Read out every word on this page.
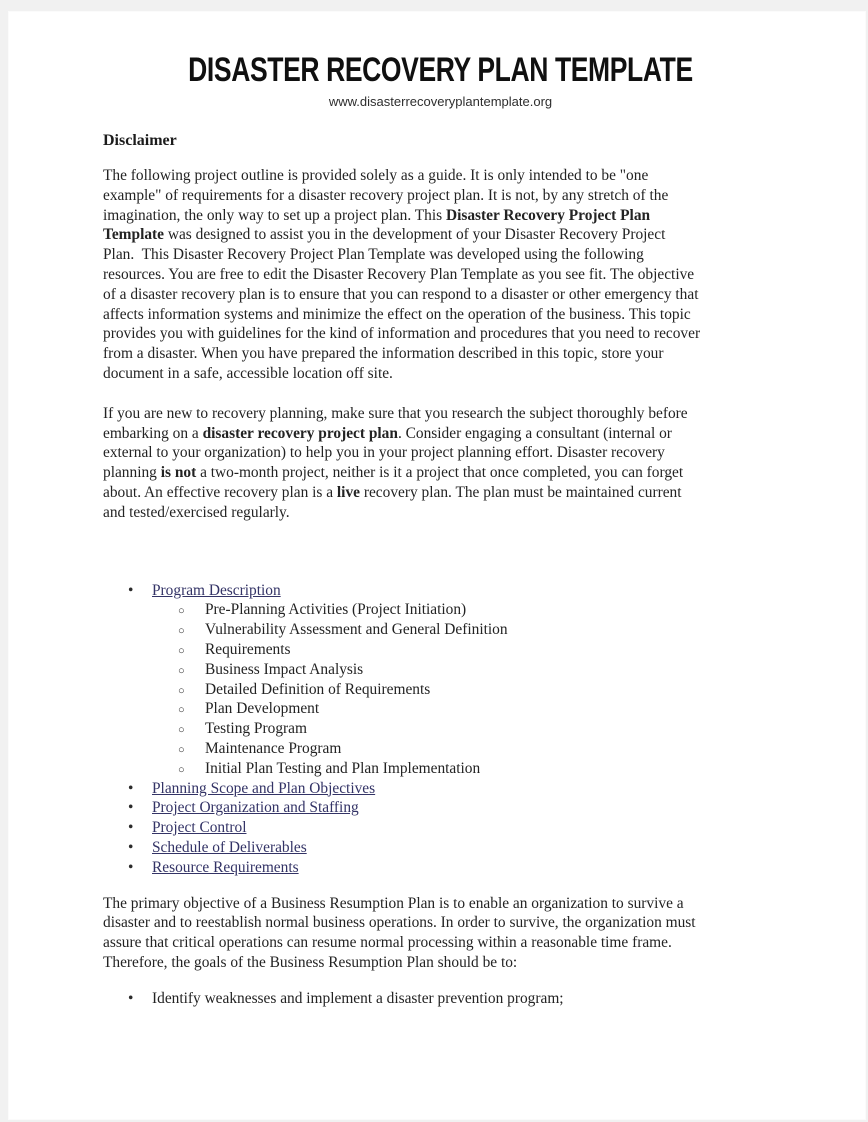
DISASTER RECOVERY PLAN TEMPLATE
www.disasterrecoveryplantemplate.org
Disclaimer
The following project outline is provided solely as a guide. It is only intended to be "one
example" of requirements for a disaster recovery project plan. It is not, by any stretch of the
imagination, the only way to set up a project plan. This Disaster Recovery Project Plan
Template was designed to assist you in the development of your Disaster Recovery Project
Plan.  This Disaster Recovery Project Plan Template was developed using the following
resources. You are free to edit the Disaster Recovery Plan Template as you see fit. The objective
of a disaster recovery plan is to ensure that you can respond to a disaster or other emergency that
affects information systems and minimize the effect on the operation of the business. This topic
provides you with guidelines for the kind of information and procedures that you need to recover
from a disaster. When you have prepared the information described in this topic, store your
document in a safe, accessible location off site.
If you are new to recovery planning, make sure that you research the subject thoroughly before
embarking on a disaster recovery project plan. Consider engaging a consultant (internal or
external to your organization) to help you in your project planning effort. Disaster recovery
planning is not a two-month project, neither is it a project that once completed, you can forget
about. An effective recovery plan is a live recovery plan. The plan must be maintained current
and tested/exercised regularly.
• Program Description
○ Pre-Planning Activities (Project Initiation)
○ Vulnerability Assessment and General Definition
○ Requirements
○ Business Impact Analysis
○ Detailed Definition of Requirements
○ Plan Development
○ Testing Program
○ Maintenance Program
○ Initial Plan Testing and Plan Implementation
• Planning Scope and Plan Objectives
• Project Organization and Staffing
• Project Control
• Schedule of Deliverables
• Resource Requirements
The primary objective of a Business Resumption Plan is to enable an organization to survive a
disaster and to reestablish normal business operations. In order to survive, the organization must
assure that critical operations can resume normal processing within a reasonable time frame.
Therefore, the goals of the Business Resumption Plan should be to:
• Identify weaknesses and implement a disaster prevention program;
